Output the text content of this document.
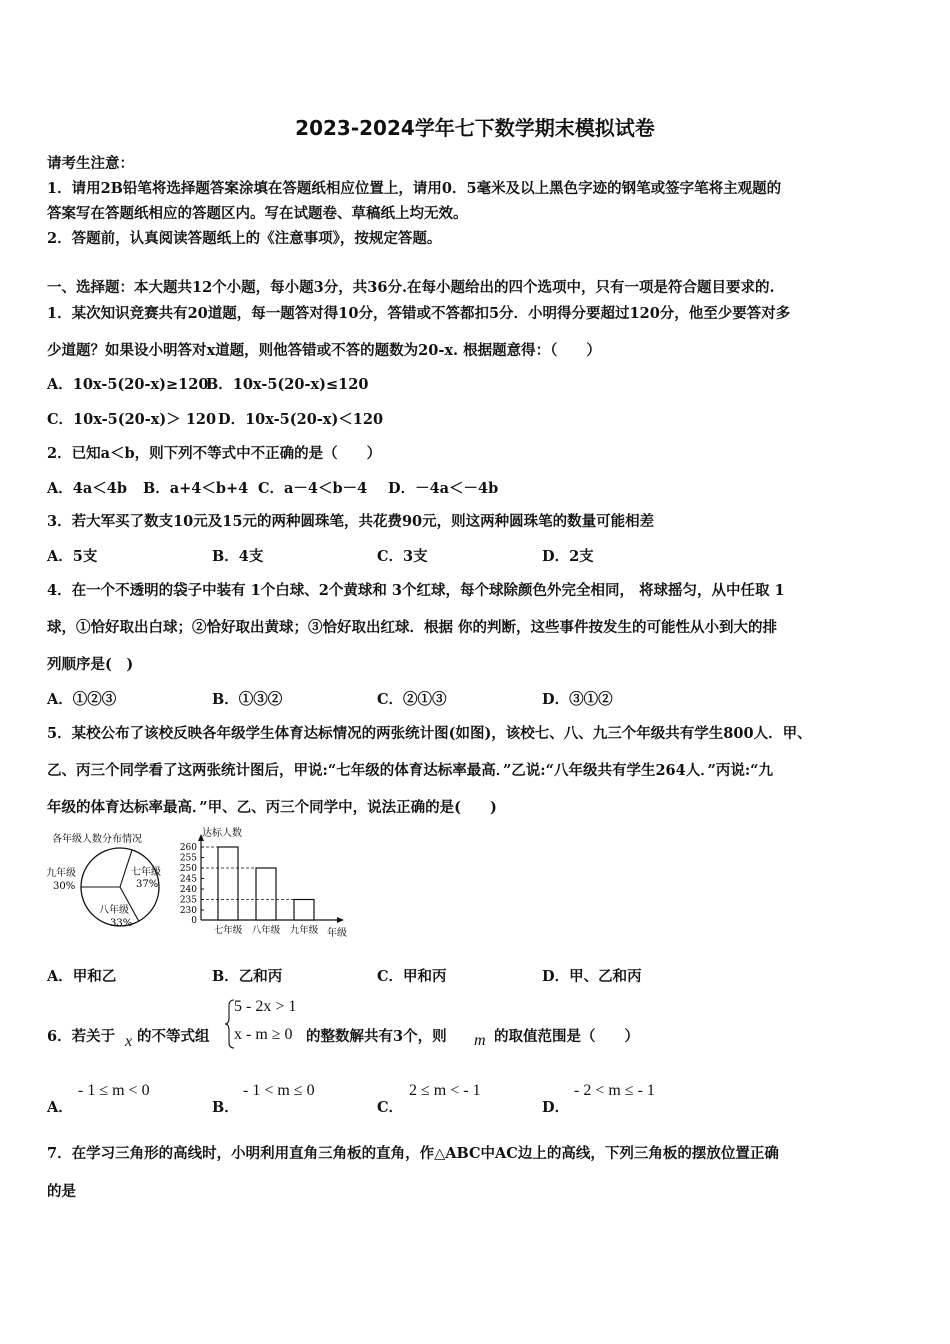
2023-2024学年七下数学期末模拟试卷
请考生注意：
1．请用2B铅笔将选择题答案涂填在答题纸相应位置上，请用0．5毫米及以上黑色字迹的钢笔或签字笔将主观题的
答案写在答题纸相应的答题区内。写在试题卷、草稿纸上均无效。
2．答题前，认真阅读答题纸上的《注意事项》，按规定答题。
一、选择题：本大题共12个小题，每小题3分，共36分.在每小题给出的四个选项中，只有一项是符合题目要求的.
1．某次知识竞赛共有20道题，每一题答对得10分，答错或不答都扣5分．小明得分要超过120分，他至少要答对多
少道题？如果设小明答对x道题，则他答错或不答的题数为20-x. 根据题意得：（　　）
A．10x-5(20-x)≥120
B．10x-5(20-x)≤120
C．10x-5(20-x)＞ 120 D．10x-5(20-x)＜120
2．已知a＜b，则下列不等式中不正确的是（　　）
A．4a＜4b B．a+4＜b+4 C．a－4＜b－4 D．－4a＜－4b
3．若大军买了数支10元及15元的两种圆珠笔，共花费90元，则这两种圆珠笔的数量可能相差
A．5支	B．4支	C．3支	D．2支
4．在一个不透明的袋子中装有 1个白球、2个黄球和 3个红球，每个球除颜色外完全相同， 将球摇匀，从中任取 1
球，①恰好取出白球；②恰好取出黄球；③恰好取出红球．根据 你的判断，这些事件按发生的可能性从小到大的排
列顺序是(　)
A．①②③	B．①③②	C．②①③	D．③①②
5．某校公布了该校反映各年级学生体育达标情况的两张统计图(如图)，该校七、八、九三个年级共有学生800人．甲、
乙、丙三个同学看了这两张统计图后，甲说:“七年级的体育达标率最高．”乙说:“八年级共有学生264人．”丙说:“九
年级的体育达标率最高．”甲、乙、丙三个同学中，说法正确的是(　　)
各年级人数分布情况
七年级
37%
八年级
33%
九年级
30%
达标人数
0
230
235
240
245
250
255
260
七年级 八年级 九年级 年级
A．甲和乙	B．乙和丙	C．甲和丙	D．甲、乙和丙
6．若关于 x 的不等式组
5 - 2x > 1
x - m ≥ 0 的整数解共有3个，则 m 的取值范围是（　　）
A．
- 1 ≤ m < 0
B．
- 1 < m ≤ 0
C．
2 ≤ m < - 1
D．
- 2 < m ≤ - 1
7．在学习三角形的高线时，小明利用直角三角板的直角，作△ABC中AC边上的高线，下列三角板的摆放位置正确
的是
